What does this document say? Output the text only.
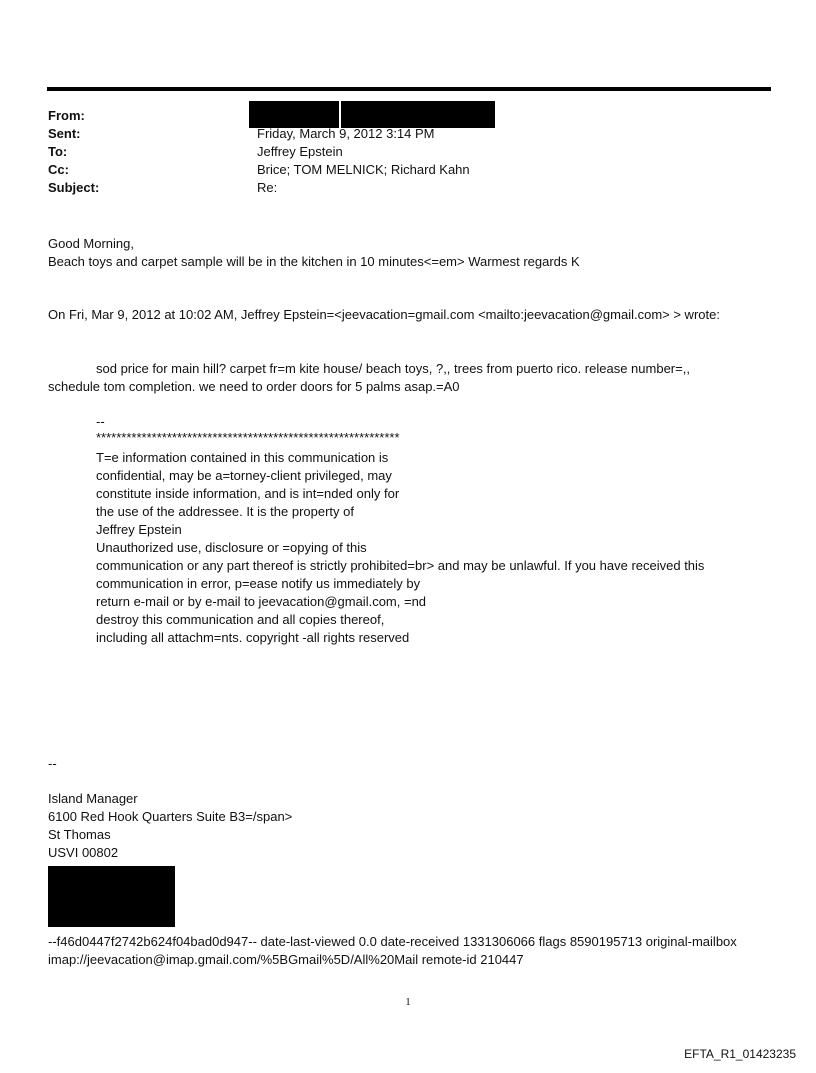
From:
Sent:	Friday, March 9, 2012 3:14 PM
To:	Jeffrey Epstein
Cc:	Brice; TOM MELNICK; Richard Kahn
Subject:	Re:
Good Morning,
Beach toys and carpet sample will be in the kitchen in 10 minutes<=em> Warmest regards K
On Fri, Mar 9, 2012 at 10:02 AM, Jeffrey Epstein=<jeevacation=gmail.com <mailto:jeevacation@gmail.com> > wrote:
sod price for main hill? carpet fr=m kite house/ beach toys, ?,, trees from puerto rico. release number=,,
schedule tom completion. we need to order doors for 5 palms asap.=A0
--
************************************************************
T=e information contained in this communication is
confidential, may be a=torney-client privileged, may
constitute inside information, and is int=nded only for
the use of the addressee. It is the property of
Jeffrey Epstein
Unauthorized use, disclosure or =opying of this
communication or any part thereof is strictly prohibited=br> and may be unlawful. If you have received this
communication in error, p=ease notify us immediately by
return e-mail or by e-mail to jeevacation@gmail.com, =nd
destroy this communication and all copies thereof,
including all attachm=nts. copyright -all rights reserved
--
Island Manager
6100 Red Hook Quarters Suite B3=/span>
St Thomas
USVI 00802
--f46d0447f2742b624f04bad0d947-- date-last-viewed 0.0 date-received 1331306066 flags 8590195713 original-mailbox
imap://jeevacation@imap.gmail.com/%5BGmail%5D/All%20Mail remote-id 210447
1
EFTA_R1_01423235
